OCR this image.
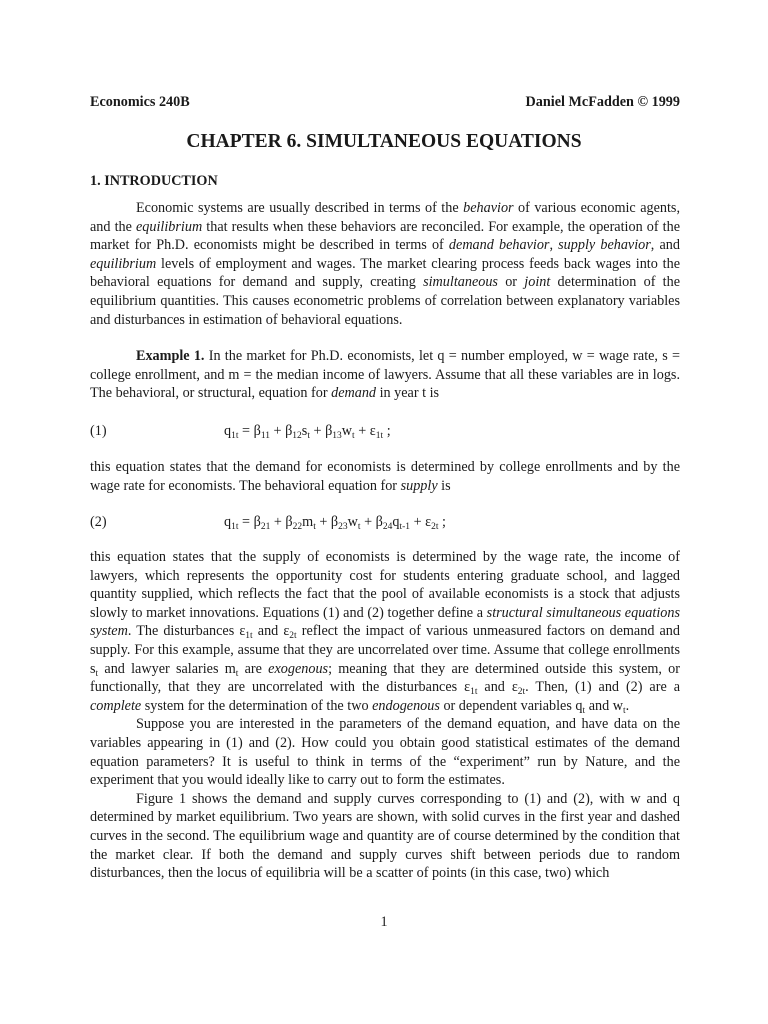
Economics 240B	Daniel McFadden © 1999
CHAPTER 6. SIMULTANEOUS EQUATIONS
1. INTRODUCTION

Economic systems are usually described in terms of the behavior of various economic agents, and the equilibrium that results when these behaviors are reconciled. For example, the operation of the market for Ph.D. economists might be described in terms of demand behavior, supply behavior, and equilibrium levels of employment and wages. The market clearing process feeds back wages into the behavioral equations for demand and supply, creating simultaneous or joint determination of the equilibrium quantities. This causes econometric problems of correlation between explanatory variables and disturbances in estimation of behavioral equations.

Example 1. In the market for Ph.D. economists, let q = number employed, w = wage rate, s = college enrollment, and m = the median income of lawyers. Assume that all these variables are in logs. The behavioral, or structural, equation for demand in year t is

(1)	$q_{1t} = \beta_{11} + \beta_{12}s_t + \beta_{13}w_t + \varepsilon_{1t}$ ;

this equation states that the demand for economists is determined by college enrollments and by the wage rate for economists. The behavioral equation for supply is

(2)	$q_{1t} = \beta_{21} + \beta_{22}m_t + \beta_{23}w_t + \beta_{24}q_{t-1} + \varepsilon_{2t}$ ;

this equation states that the supply of economists is determined by the wage rate, the income of lawyers, which represents the opportunity cost for students entering graduate school, and lagged quantity supplied, which reflects the fact that the pool of available economists is a stock that adjusts slowly to market innovations. Equations (1) and (2) together define a structural simultaneous equations system. The disturbances $\varepsilon_{1t}$ and $\varepsilon_{2t}$ reflect the impact of various unmeasured factors on demand and supply. For this example, assume that they are uncorrelated over time. Assume that college enrollments $s_t$ and lawyer salaries $m_t$ are exogenous; meaning that they are determined outside this system, or functionally, that they are uncorrelated with the disturbances $\varepsilon_{1t}$ and $\varepsilon_{2t}$. Then, (1) and (2) are a complete system for the determination of the two endogenous or dependent variables $q_t$ and $w_t$.

Suppose you are interested in the parameters of the demand equation, and have data on the variables appearing in (1) and (2). How could you obtain good statistical estimates of the demand equation parameters? It is useful to think in terms of the “experiment” run by Nature, and the experiment that you would ideally like to carry out to form the estimates.

Figure 1 shows the demand and supply curves corresponding to (1) and (2), with w and q determined by market equilibrium. Two years are shown, with solid curves in the first year and dashed curves in the second. The equilibrium wage and quantity are of course determined by the condition that the market clear. If both the demand and supply curves shift between periods due to random disturbances, then the locus of equilibria will be a scatter of points (in this case, two) which

1
